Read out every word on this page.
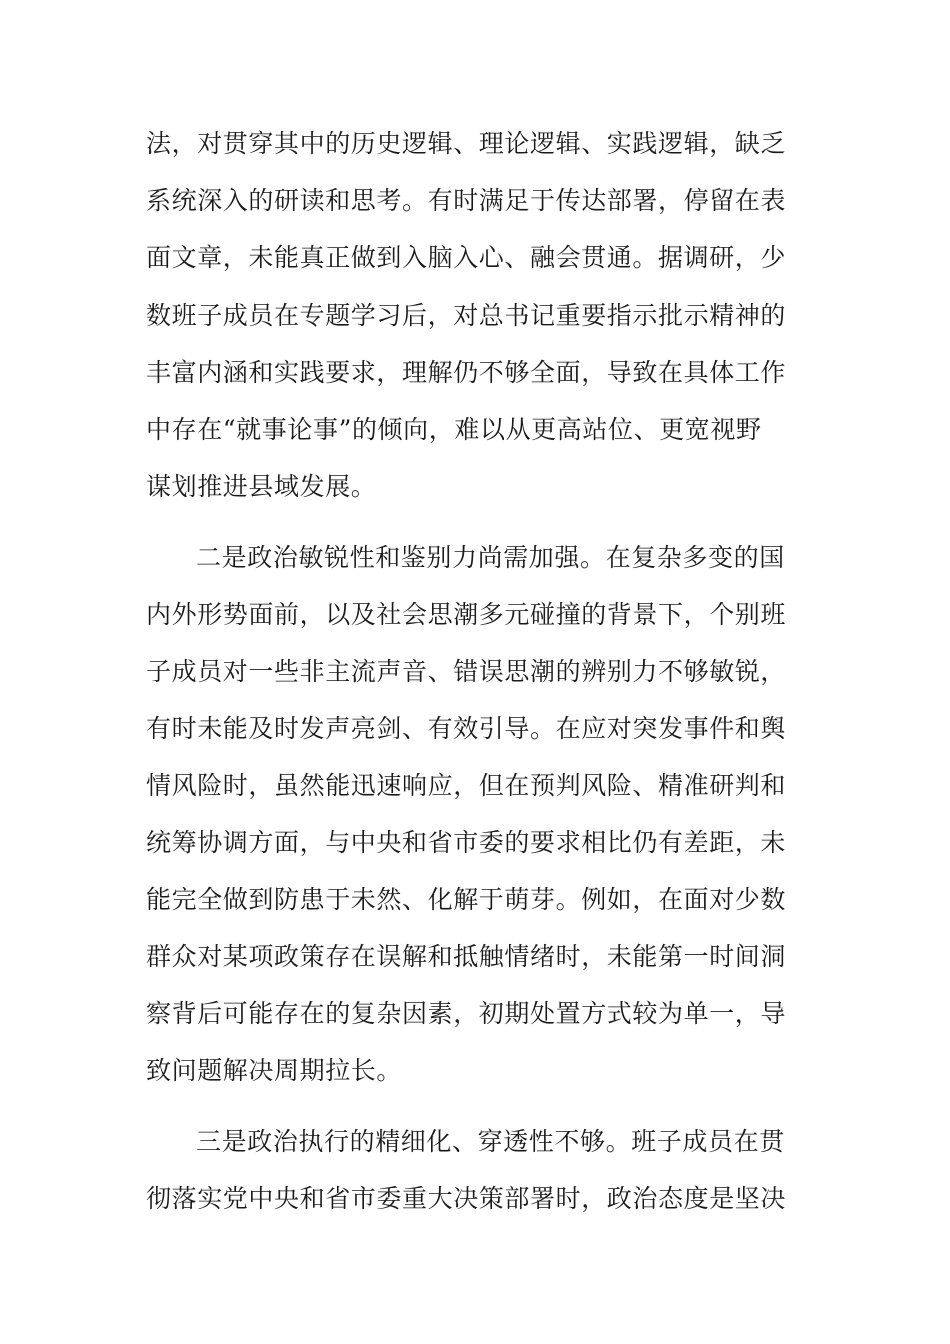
法，对贯穿其中的历史逻辑、理论逻辑、实践逻辑，缺乏
系统深入的研读和思考。有时满足于传达部署，停留在表
面文章，未能真正做到入脑入心、融会贯通。据调研，少
数班子成员在专题学习后，对总书记重要指示批示精神的
丰富内涵和实践要求，理解仍不够全面，导致在具体工作
中存在“就事论事”的倾向，难以从更高站位、更宽视野
谋划推进县域发展。
二是政治敏锐性和鉴别力尚需加强。在复杂多变的国
内外形势面前，以及社会思潮多元碰撞的背景下，个别班
子成员对一些非主流声音、错误思潮的辨别力不够敏锐，
有时未能及时发声亮剑、有效引导。在应对突发事件和舆
情风险时，虽然能迅速响应，但在预判风险、精准研判和
统筹协调方面，与中央和省市委的要求相比仍有差距，未
能完全做到防患于未然、化解于萌芽。例如，在面对少数
群众对某项政策存在误解和抵触情绪时，未能第一时间洞
察背后可能存在的复杂因素，初期处置方式较为单一，导
致问题解决周期拉长。
三是政治执行的精细化、穿透性不够。班子成员在贯
彻落实党中央和省市委重大决策部署时，政治态度是坚决
